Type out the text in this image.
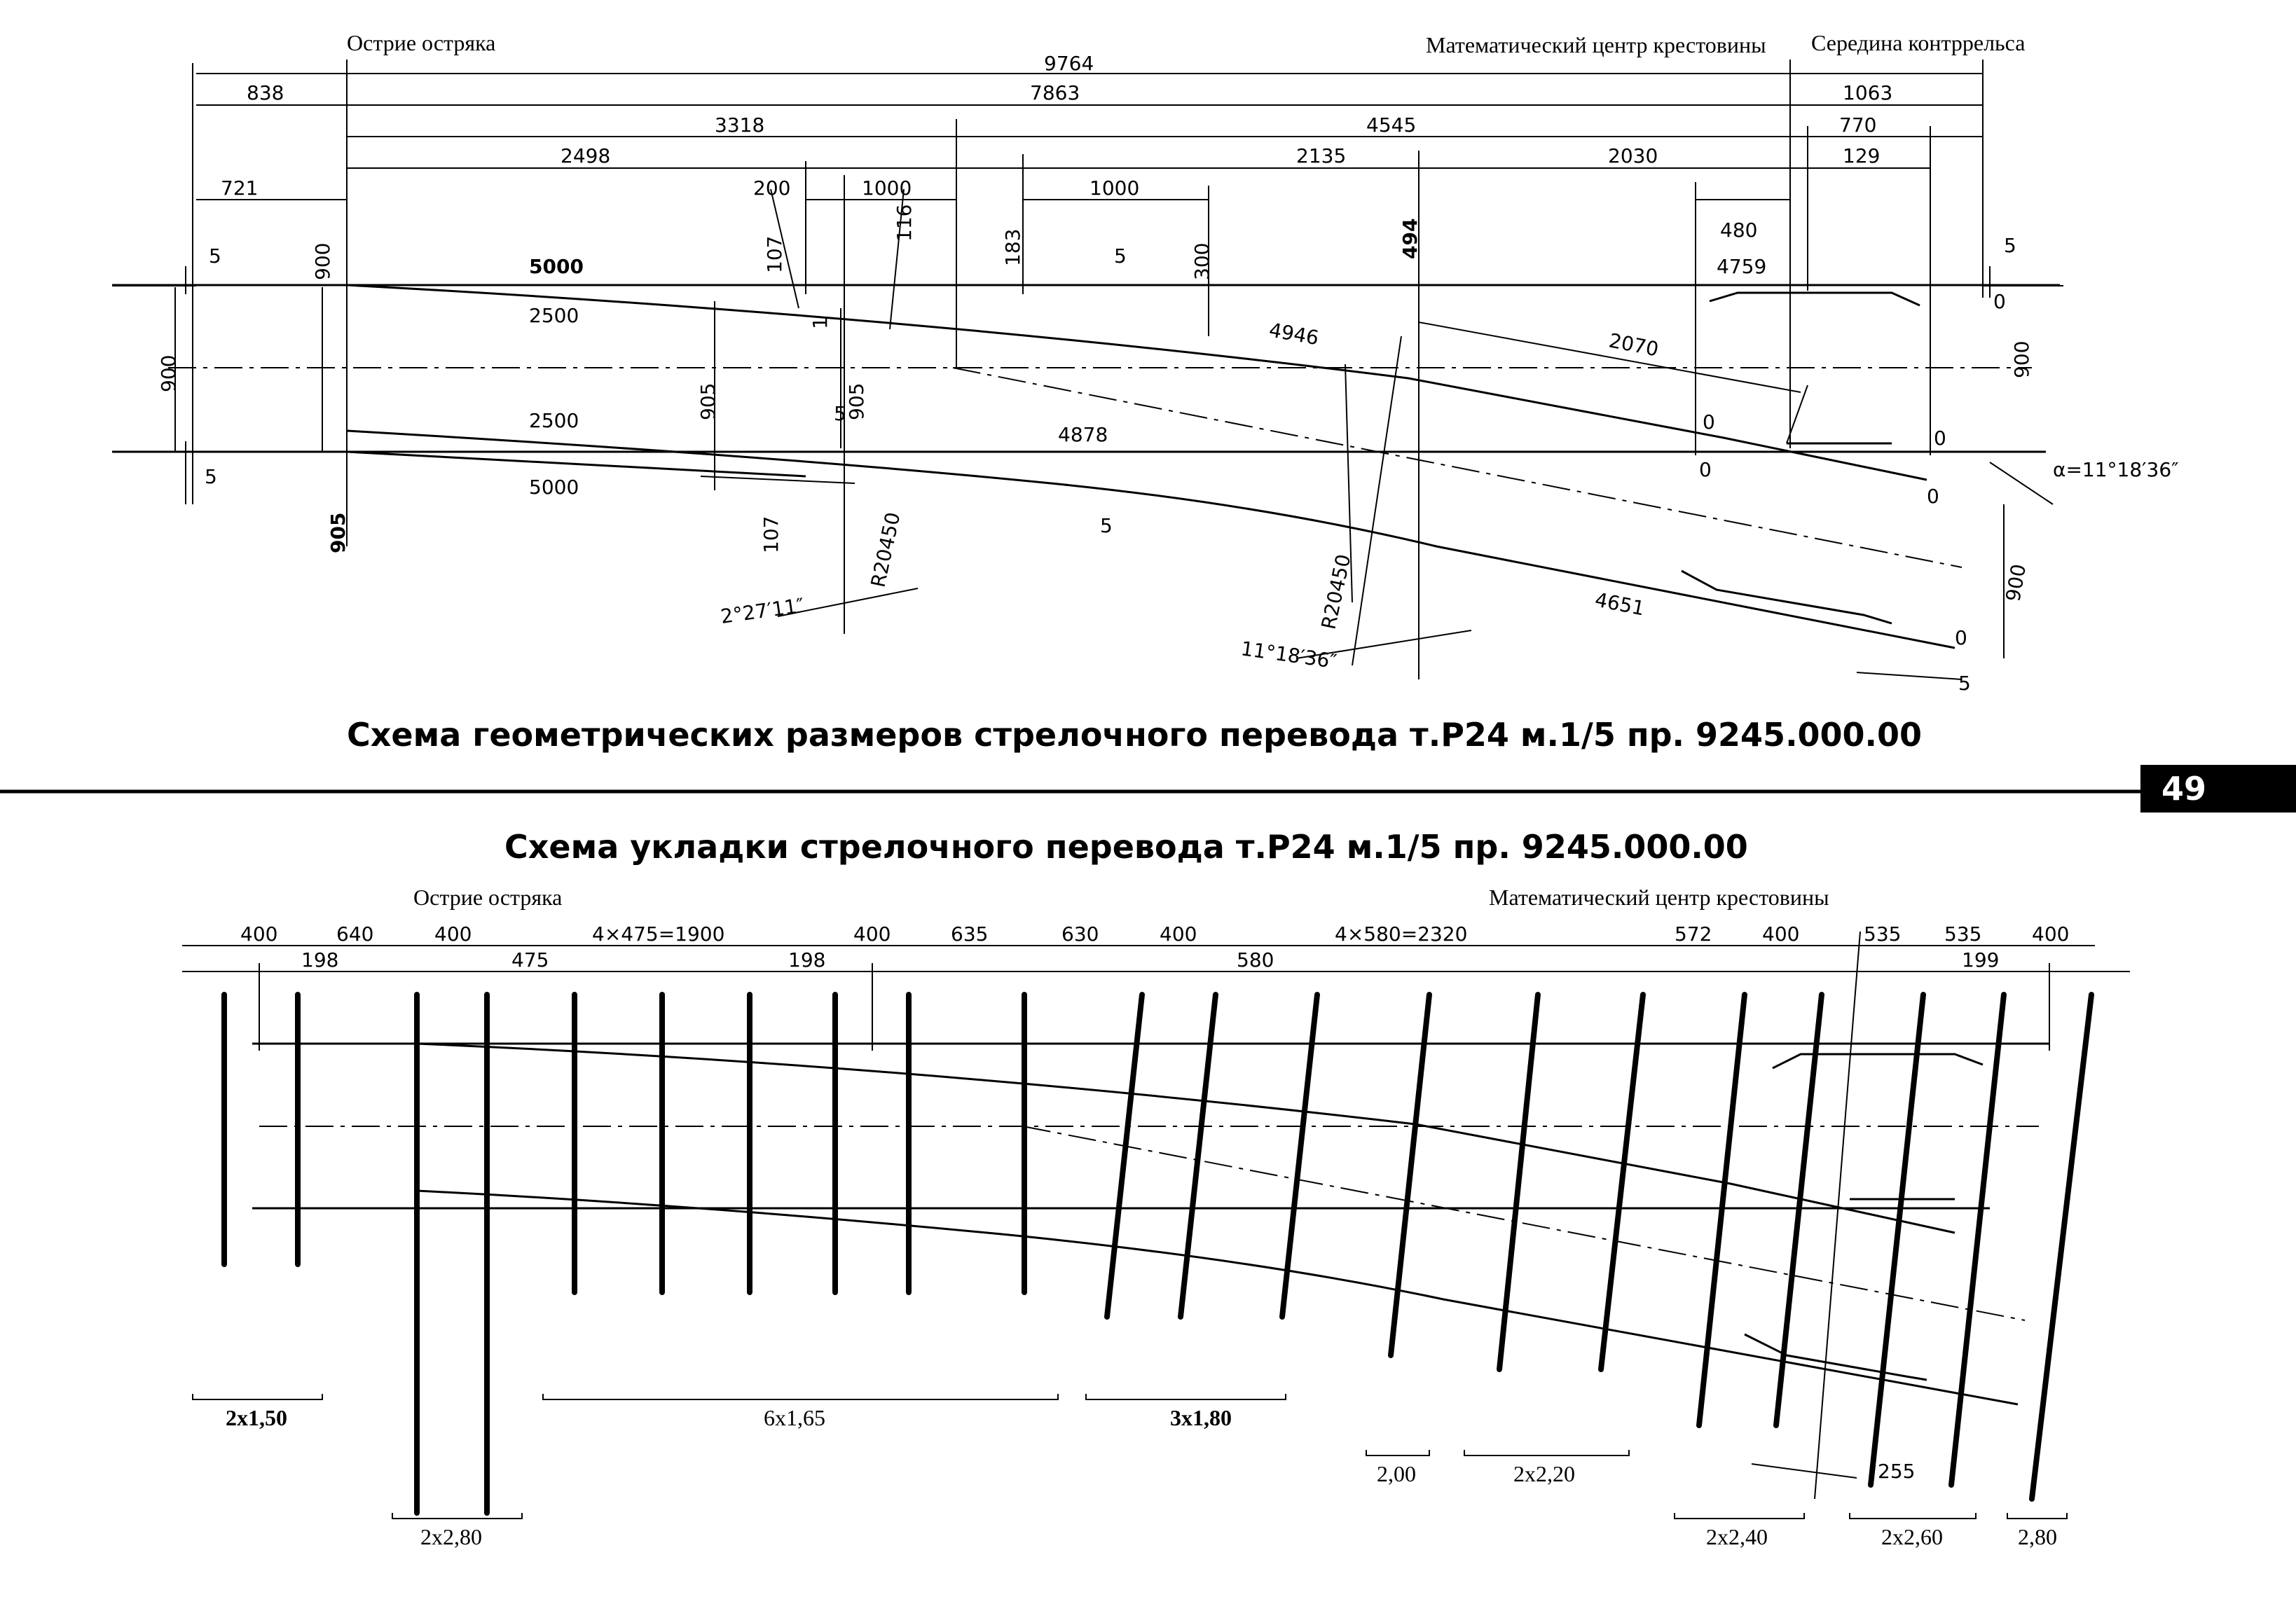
Острие остряка	Математический центр крестовины Середина контррельса
9764
838	7863	1063
3318	4545	770
2498	2135	2030	129
721	200	1000	1000
480
5	900	107
116
183	5	300
494	5
5000	4759
0
2500
4946	2070
1
5
900	900
905	905
2500
4878
0
0
0
0
5	5000
α=11°18′36″
905	107	R20450	5
R20450	4651
900
0
5
2°27′11″
11°18′36″
Схема геометрических размеров стрелочного перевода т.Р24 м.1/5 пр. 9245.000.00
49
Схема укладки стрелочного перевода т.Р24 м.1/5 пр. 9245.000.00
Острие остряка	Математический центр крестовины
400	640	400	4×475=1900	400	635	630	400	4×580=2320	572	400	535 535	400
198	475	198	580	199
255
2x1,50	6x1,65	3x1,80
2,00	2x2,20
2x2,80	2x2,40	2x2,60	2,80
